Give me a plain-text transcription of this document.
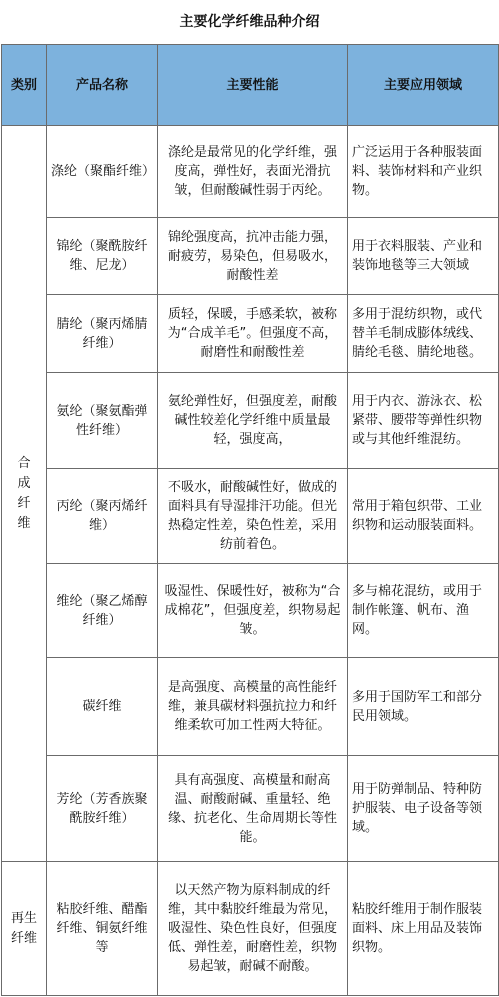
主要化学纤维品种介绍
类别	产品名称	主要性能	主要应用领域
合成纤维	涤纶（聚酯纤维）	涤纶是最常见的化学纤维，强度高，弹性好，表面光滑抗皱，但耐酸碱性弱于丙纶。	广泛运用于各种服装面料、装饰材料和产业织物。
	锦纶（聚酰胺纤维、尼龙）	锦纶强度高，抗冲击能力强，耐疲劳，易染色，但易吸水，耐酸性差	用于衣料服装、产业和装饰地毯等三大领域
	腈纶（聚丙烯腈纤维）	质轻，保暖，手感柔软，被称为“合成羊毛”。但强度不高，耐磨性和耐酸性差	多用于混纺织物，或代替羊毛制成膨体绒线、腈纶毛毯、腈纶地毯。
	氨纶（聚氨酯弹性纤维）	氨纶弹性好，但强度差，耐酸碱性较差化学纤维中质量最轻，强度高，	用于内衣、游泳衣、松紧带、腰带等弹性织物或与其他纤维混纺。
	丙纶（聚丙烯纤维）	不吸水，耐酸碱性好，做成的面料具有导湿排汗功能。但光热稳定性差，染色性差，采用纺前着色。	常用于箱包织带、工业织物和运动服装面料。
	维纶（聚乙烯醇纤维）	吸湿性、保暖性好，被称为“合成棉花”，但强度差，织物易起皱。	多与棉花混纺，或用于制作帐篷、帆布、渔网。
	碳纤维	是高强度、高模量的高性能纤维，兼具碳材料强抗拉力和纤维柔软可加工性两大特征。	多用于国防军工和部分民用领域。
	芳纶（芳香族聚酰胺纤维）	具有高强度、高模量和耐高温、耐酸耐碱、重量轻、绝缘、抗老化、生命周期长等性能。	用于防弹制品、特种防护服装、电子设备等领域。
再生纤维	粘胶纤维、醋酯纤维、铜氨纤维等	以天然产物为原料制成的纤维，其中黏胶纤维最为常见，吸湿性、染色性良好，但强度低、弹性差，耐磨性差，织物易起皱，耐碱不耐酸。	粘胶纤维用于制作服装面料、床上用品及装饰织物。
